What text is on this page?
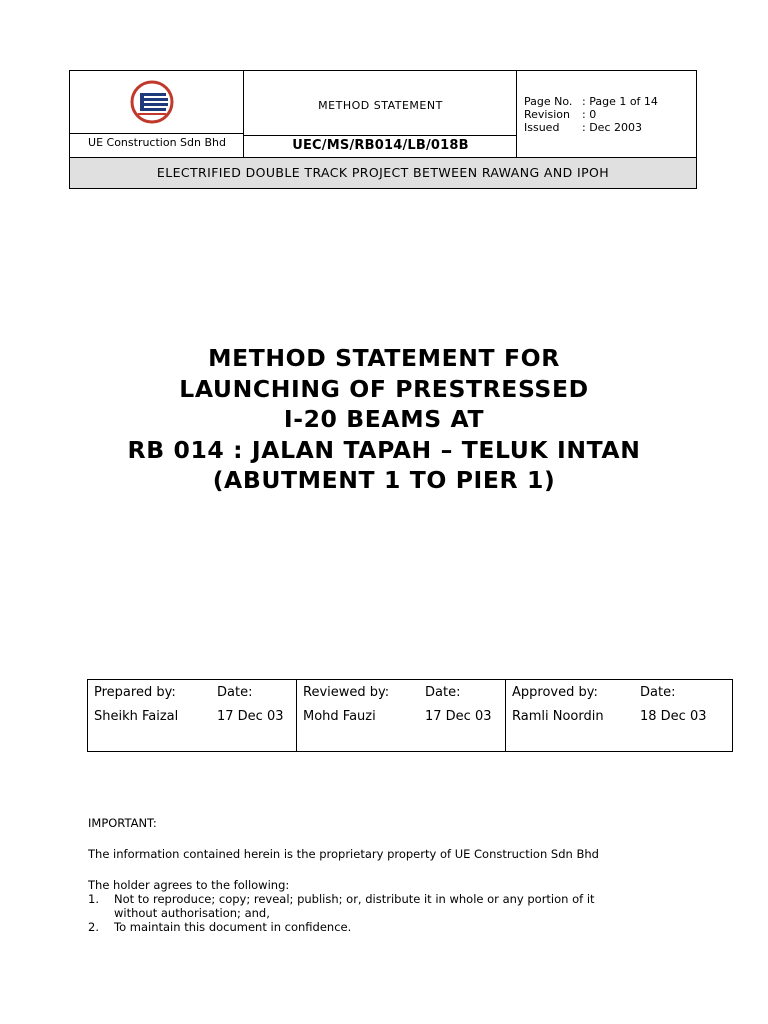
UE Construction Sdn Bhd
METHOD STATEMENT
UEC/MS/RB014/LB/018B
Page No. : Page 1 of 14
Revision	: 0
Issued	: Dec 2003
ELECTRIFIED DOUBLE TRACK PROJECT BETWEEN RAWANG AND IPOH
METHOD STATEMENT FOR
LAUNCHING OF PRESTRESSED
I-20 BEAMS AT
RB 014 : JALAN TAPAH – TELUK INTAN
(ABUTMENT 1 TO PIER 1)
Prepared by:	Date:
Sheikh Faizal	17 Dec 03
Reviewed by:	Date:
Mohd Fauzi	17 Dec 03
Approved by:	Date:
Ramli Noordin	18 Dec 03

IMPORTANT:

The information contained herein is the proprietary property of UE Construction Sdn Bhd

The holder agrees to the following:

1.	Not to reproduce; copy; reveal; publish; or, distribute it in whole or any portion of it
without authorisation; and,
2.	To maintain this document in confidence.
